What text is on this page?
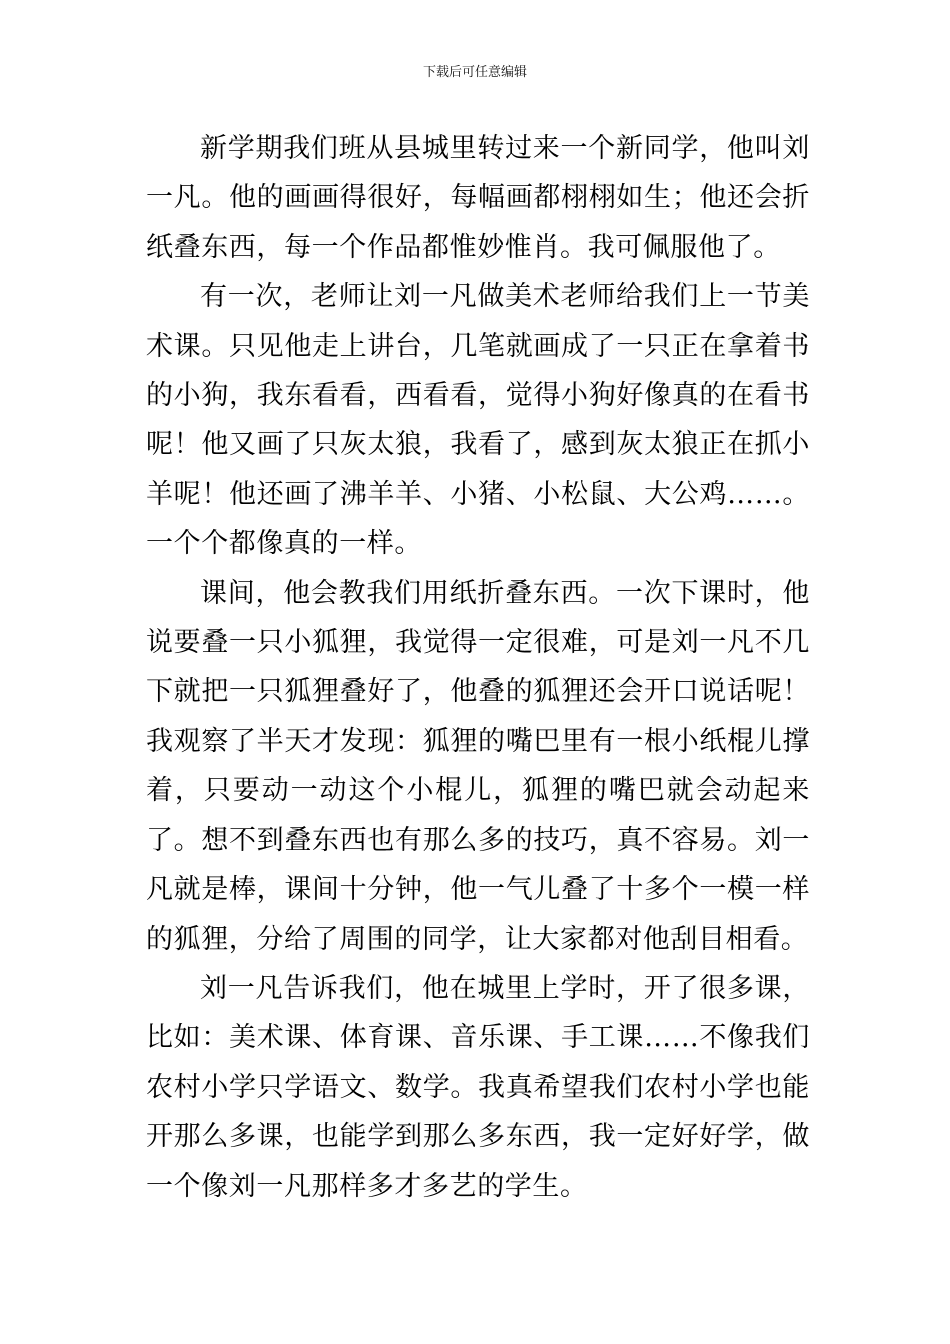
下载后可任意编辑

新学期我们班从县城里转过来一个新同学，他叫刘一凡。他的画画得很好，每幅画都栩栩如生；他还会折纸叠东西，每一个作品都惟妙惟肖。我可佩服他了。

有一次，老师让刘一凡做美术老师给我们上一节美术课。只见他走上讲台，几笔就画成了一只正在拿着书的小狗，我东看看，西看看，觉得小狗好像真的在看书呢！他又画了只灰太狼，我看了，感到灰太狼正在抓小羊呢！他还画了沸羊羊、小猪、小松鼠、大公鸡……。一个个都像真的一样。

课间，他会教我们用纸折叠东西。一次下课时，他说要叠一只小狐狸，我觉得一定很难，可是刘一凡不几下就把一只狐狸叠好了，他叠的狐狸还会开口说话呢！我观察了半天才发现：狐狸的嘴巴里有一根小纸棍儿撑着，只要动一动这个小棍儿，狐狸的嘴巴就会动起来了。想不到叠东西也有那么多的技巧，真不容易。刘一凡就是棒，课间十分钟，他一气儿叠了十多个一模一样的狐狸，分给了周围的同学，让大家都对他刮目相看。

刘一凡告诉我们，他在城里上学时，开了很多课，比如：美术课、体育课、音乐课、手工课……不像我们农村小学只学语文、数学。我真希望我们农村小学也能开那么多课，也能学到那么多东西，我一定好好学，做一个像刘一凡那样多才多艺的学生。
